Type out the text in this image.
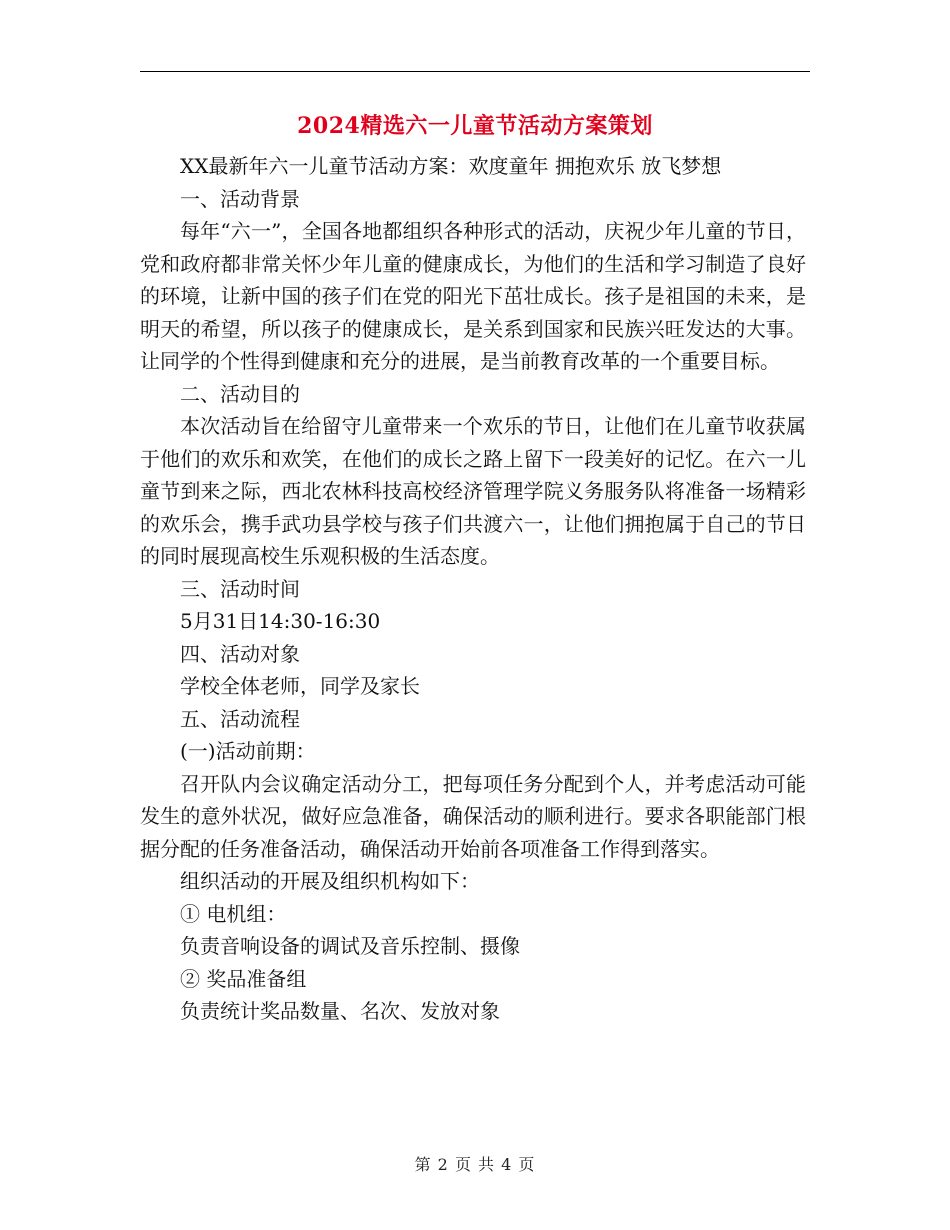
2024精选六一儿童节活动方案策划

XX最新年六一儿童节活动方案：欢度童年 拥抱欢乐 放飞梦想

一、活动背景

每年“六一”，全国各地都组织各种形式的活动，庆祝少年儿童的节日，党和政府都非常关怀少年儿童的健康成长，为他们的生活和学习制造了良好的环境，让新中国的孩子们在党的阳光下茁壮成长。孩子是祖国的未来，是明天的希望，所以孩子的健康成长，是关系到国家和民族兴旺发达的大事。让同学的个性得到健康和充分的进展，是当前教育改革的一个重要目标。

二、活动目的

本次活动旨在给留守儿童带来一个欢乐的节日，让他们在儿童节收获属于他们的欢乐和欢笑，在他们的成长之路上留下一段美好的记忆。在六一儿童节到来之际，西北农林科技高校经济管理学院义务服务队将准备一场精彩的欢乐会，携手武功县学校与孩子们共渡六一，让他们拥抱属于自己的节日的同时展现高校生乐观积极的生活态度。

三、活动时间

5月31日14:30-16:30

四、活动对象

学校全体老师，同学及家长

五、活动流程

(一)活动前期：

召开队内会议确定活动分工，把每项任务分配到个人，并考虑活动可能发生的意外状况，做好应急准备，确保活动的顺利进行。要求各职能部门根据分配的任务准备活动，确保活动开始前各项准备工作得到落实。

组织活动的开展及组织机构如下：

① 电机组：

负责音响设备的调试及音乐控制、摄像

② 奖品准备组

负责统计奖品数量、名次、发放对象

第 2 页 共 4 页
